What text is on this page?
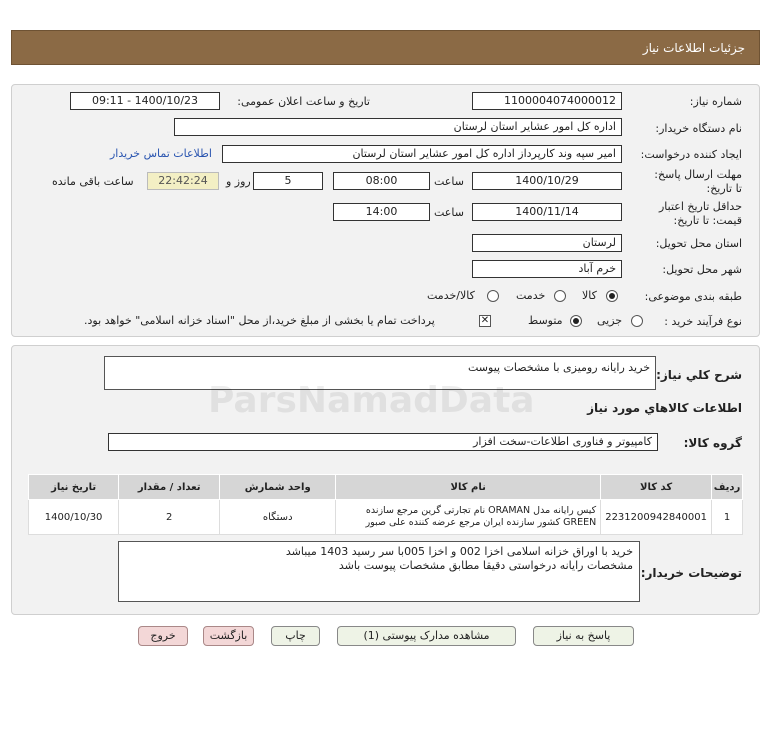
جزئیات اطلاعات نیاز
شماره نیاز:
1100004074000012
تاریخ و ساعت اعلان عمومی:
1400/10/23 - 09:11
نام دستگاه خریدار:
اداره کل امور عشایر استان لرستان
ایجاد کننده درخواست:
امیر سپه وند کارپرداز اداره کل امور عشایر استان لرستان
اطلاعات تماس خریدار
مهلت ارسال پاسخ: تا تاریخ:
1400/10/29
ساعت
08:00
5
روز و
22:42:24
ساعت باقی مانده
حداقل تاریخ اعتبار قیمت: تا تاریخ:
1400/11/14
ساعت
14:00
استان محل تحویل:
لرستان
شهر محل تحویل:
خرم آباد
طبقه بندی موضوعی:
کالا
خدمت
کالا/خدمت
نوع فرآیند خرید :
جزیی
متوسط
✕
پرداخت تمام یا بخشی از مبلغ خرید،از محل "اسناد خزانه اسلامی" خواهد بود.
شرح کلي نياز:
خرید رایانه رومیزی با مشخصات پیوست
اطلاعات کالاهاي مورد نياز
گروه کالا:
کامپیوتر و فناوری اطلاعات-سخت افزار
ردیف	کد کالا	نام کالا	واحد شمارش	تعداد / مقدار	تاریخ نیاز
1	2231200942840001	کیس رایانه مدل ORAMAN نام تجارتی گرین مرجع سازنده GREEN کشور سازنده ایران مرجع عرضه کننده علی صبور	دستگاه	2	1400/10/30
توضیحات خریدار:
خرید با اوراق خزانه اسلامی اخزا 002 و اخزا 005با سر رسید 1403 میباشد
مشخصات رایانه درخواستی دقیقا مطابق مشخصات پیوست باشد
پاسخ به نیاز
مشاهده مدارک پیوستی (1)
چاپ
بازگشت
خروج
